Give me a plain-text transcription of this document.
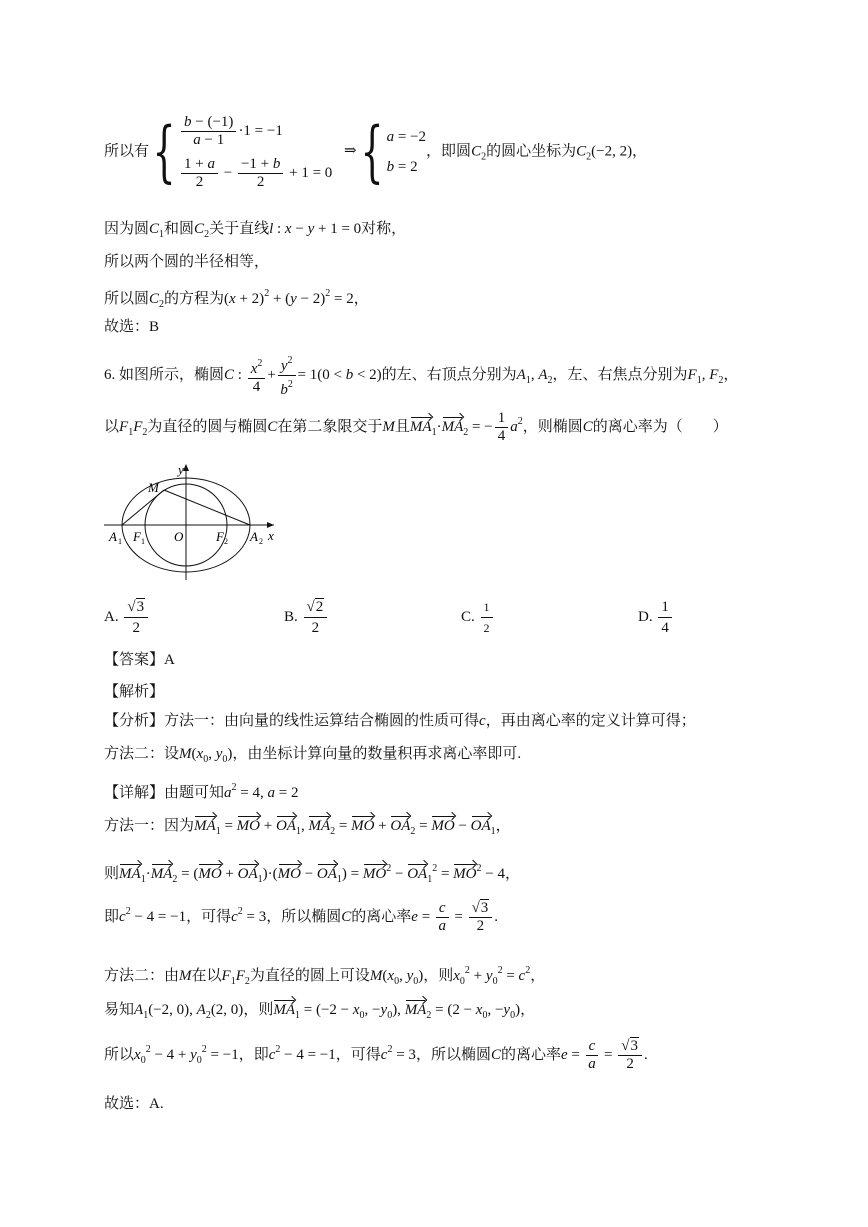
所以有{ $\frac{b - (-1)}{a - 1} \cdot 1 = -1$
$\frac{1 + a}{2} - \frac{-1 + b}{2} + 1 = 0$
⇒{ a = −2
b = 2
，即圆$C_2$的圆心坐标为$C_2(-2$, 2)，
因为圆$C_1$和圆$C_2$关于直线l : x − y + 1 = 0对称，
所以两个圆的半径相等，
所以圆$C_2$的方程为$(x + 2)^2 + (y - 2)^2 = 2$，
故选：B
6. 如图所示，椭圆C : $\frac{x^2}{4} + \frac{y^2}{b^2} = 1(0 < b < 2)$的左、右顶点分别为$A_1$, $A_2$，左、右焦点分别为$F_1$, $F_2$，
以$F_1F_2$为直径的圆与椭圆C在第二象限交于M且$MA_1\cdot MA_2$ = − $\frac{1}{4} a^2$，则椭圆C的离心率为（　　）
y
x
M
O
A 1 F 1	F 2 A 2
A. $\frac{√3}{2}$	B. $\frac{√2}{2}$	C. $\frac{1}{2}$	D. $\frac{1}{4}$
【答案】A
【解析】
【分析】方法一：由向量的线性运算结合椭圆的性质可得c，再由离心率的定义计算可得；
方法二：设$M(x_0$, $y_0$)，由坐标计算向量的数量积再求离心率即可.
【详解】由题可知$a^2 = 4$, a = 2
方法一：因为$MA_1$ = MO + $OA_1$, $MA_2$ = MO + $OA_2$ = MO − $OA_1$，
则$MA_1\cdot MA_2 = (MO + OA_1)\cdot(MO - OA_1) = MO^2 - OA_1^2 = MO^2 - 4$，
即$c^2 - 4 = -1$，可得$c^2 = 3$，所以椭圆C的离心率$e = \frac{c}{a} = \frac{√3}{2}$ .
方法二：由M在以$F_1F_2$为直径的圆上可设$M(x_0$, $y_0$)，则$x_0^2 + y_0^2 = c^2$，
易知$A_1(-2$, 0), $A_2(2$, 0)，则$MA_1 = (-2 - x_0$, $-y_0$), $MA_2 = (2 - x_0$, $-y_0$)，
所以$x_0^2 - 4 + y_0^2 = -1$，即$c^2 - 4 = -1$，可得$c^2 = 3$，所以椭圆C的离心率$e = \frac{c}{a} = \frac{√3}{2}$ .
故选：A.
